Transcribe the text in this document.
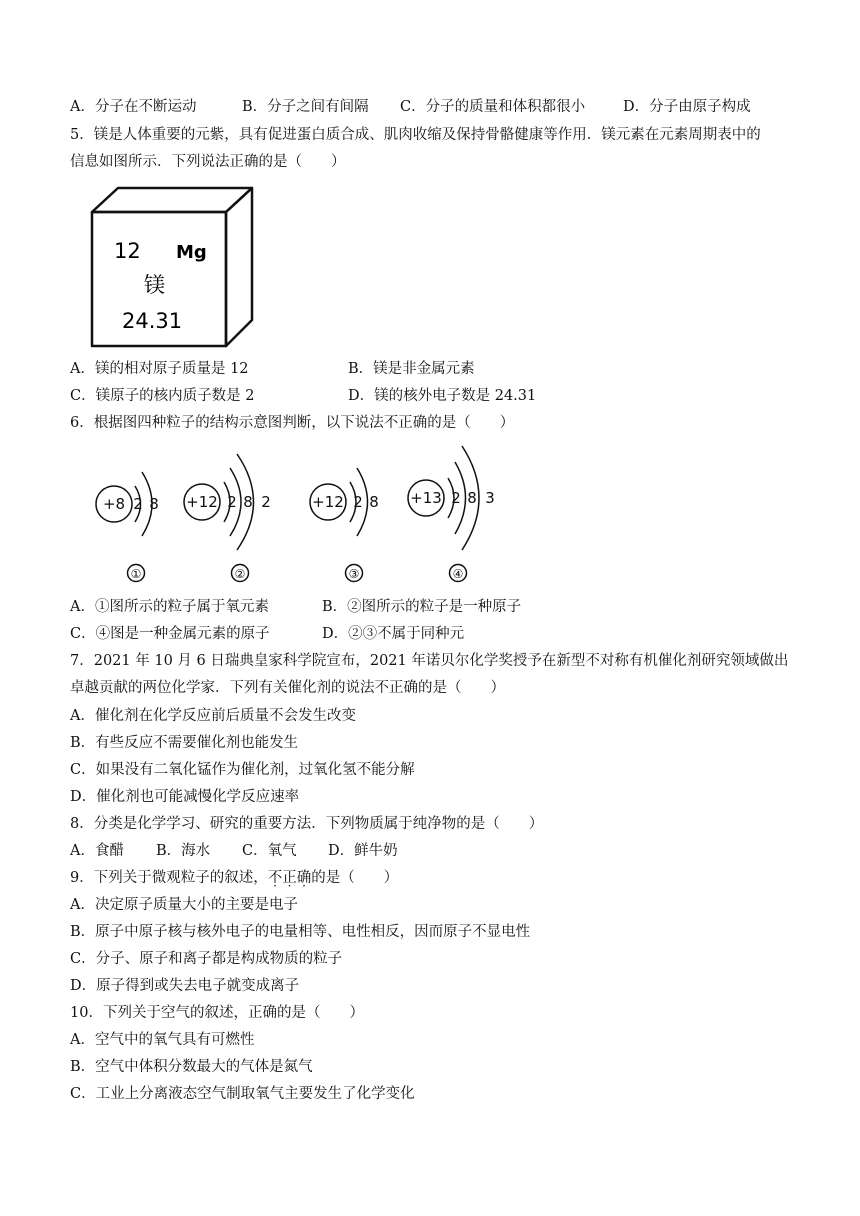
A．分子在不断运动	B．分子之间有间隔 C．分子的质量和体积都很小	D．分子由原子构成
5．镁是人体重要的元紫，具有促进蛋白质合成、肌肉收缩及保持骨骼健康等作用．镁元素在元素周期表中的
信息如图所示．下列说法正确的是（　　）
12 Mg
镁
24.31
A．镁的相对原子质量是 12	B．镁是非金属元素
C．镁原子的核内质子数是 2	D．镁的核外电子数是 24.31
6．根据图四种粒子的结构示意图判断，以下说法不正确的是（　　）
+8 2 8 +12 2 8 2	+12 2 8 +13 2 8 3
①	②	③	④
A．①图所示的粒子属于氧元素	B．②图所示的粒子是一种原子
C．④图是一种金属元素的原子	D．②③不属于同种元
7．2021 年 10 月 6 日瑞典皇家科学院宣布，2021 年诺贝尔化学奖授予在新型不对称有机催化剂研究领域做出
卓越贡献的两位化学家．下列有关催化剂的说法不正确的是（　　）
A．催化剂在化学反应前后质量不会发生改变
B．有些反应不需要催化剂也能发生
C．如果没有二氧化锰作为催化剂，过氧化氢不能分解
D．催化剂也可能减慢化学反应速率
8．分类是化学学习、研究的重要方法．下列物质属于纯净物的是（　　）
A．食醋 B．海水 C．氧气 D．鲜牛奶
9．下列关于微观粒子的叙述，不正确的是（　　）
A．决定原子质量大小的主要是电子
B．原子中原子核与核外电子的电量相等、电性相反，因而原子不显电性
C．分子、原子和离子都是构成物质的粒子
D．原子得到或失去电子就变成离子
10．下列关于空气的叙述，正确的是（　　）
A．空气中的氧气具有可燃性
B．空气中体积分数最大的气体是氮气
C．工业上分离液态空气制取氧气主要发生了化学变化
